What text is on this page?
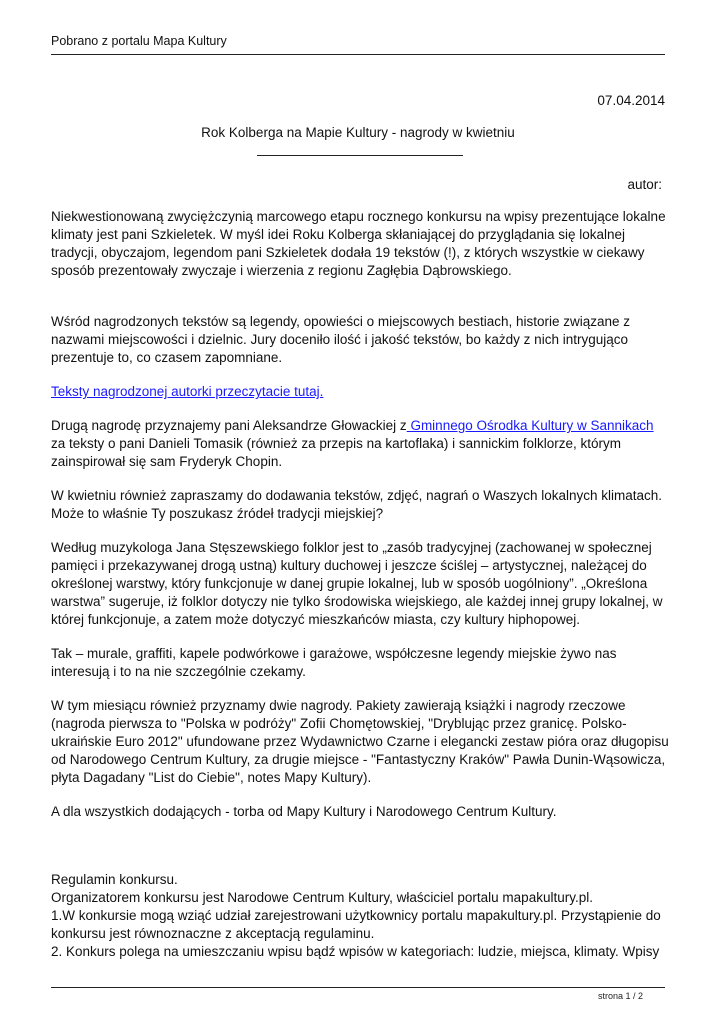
Pobrano z portalu Mapa Kultury
07.04.2014
Rok Kolberga na Mapie Kultury - nagrody w kwietniu
autor:

Niekwestionowaną zwyciężczynią marcowego etapu rocznego konkursu na wpisy prezentujące lokalne klimaty jest pani Szkieletek. W myśl idei Roku Kolberga skłaniającej do przyglądania się lokalnej tradycji, obyczajom, legendom pani Szkieletek dodała 19 tekstów (!), z których wszystkie w ciekawy sposób prezentowały zwyczaje i wierzenia z regionu Zagłębia Dąbrowskiego.

Wśród nagrodzonych tekstów są legendy, opowieści o miejscowych bestiach, historie związane z nazwami miejscowości i dzielnic. Jury doceniło ilość i jakość tekstów, bo każdy z nich intrygująco prezentuje to, co czasem zapomniane.

Teksty nagrodzonej autorki przeczytacie tutaj.

Drugą nagrodę przyznajemy pani Aleksandrze Głowackiej z Gminnego Ośrodka Kultury w Sannikach
za teksty o pani Danieli Tomasik (również za przepis na kartoflaka) i sannickim folklorze, którym zainspirował się sam Fryderyk Chopin.

W kwietniu również zapraszamy do dodawania tekstów, zdjęć, nagrań o Waszych lokalnych klimatach. Może to właśnie Ty poszukasz źródeł tradycji miejskiej?

Według muzykologa Jana Stęszewskiego folklor jest to „zasób tradycyjnej (zachowanej w społecznej pamięci i przekazywanej drogą ustną) kultury duchowej i jeszcze ściślej – artystycznej, należącej do określonej warstwy, który funkcjonuje w danej grupie lokalnej, lub w sposób uogólniony”. „Określona warstwa” sugeruje, iż folklor dotyczy nie tylko środowiska wiejskiego, ale każdej innej grupy lokalnej, w której funkcjonuje, a zatem może dotyczyć mieszkańców miasta, czy kultury hiphopowej.

Tak – murale, graffiti, kapele podwórkowe i garażowe, współczesne legendy miejskie żywo nas interesują i to na nie szczególnie czekamy.

W tym miesiącu również przyznamy dwie nagrody. Pakiety zawierają książki i nagrody rzeczowe (nagroda pierwsza to "Polska w podróży" Zofii Chomętowskiej, "Dryblując przez granicę. Polsko-ukraińskie Euro 2012" ufundowane przez Wydawnictwo Czarne i elegancki zestaw pióra oraz długopisu od Narodowego Centrum Kultury, za drugie miejsce - "Fantastyczny Kraków" Pawła Dunin-Wąsowicza, płyta Dagadany "List do Ciebie", notes Mapy Kultury).

A dla wszystkich dodających - torba od Mapy Kultury i Narodowego Centrum Kultury.

Regulamin konkursu.

Organizatorem konkursu jest Narodowe Centrum Kultury, właściciel portalu mapakultury.pl.

1.W konkursie mogą wziąć udział zarejestrowani użytkownicy portalu mapakultury.pl. Przystąpienie do konkursu jest równoznaczne z akceptacją regulaminu.

2. Konkurs polega na umieszczaniu wpisu bądź wpisów w kategoriach: ludzie, miejsca, klimaty. Wpisy

strona 1 / 2
